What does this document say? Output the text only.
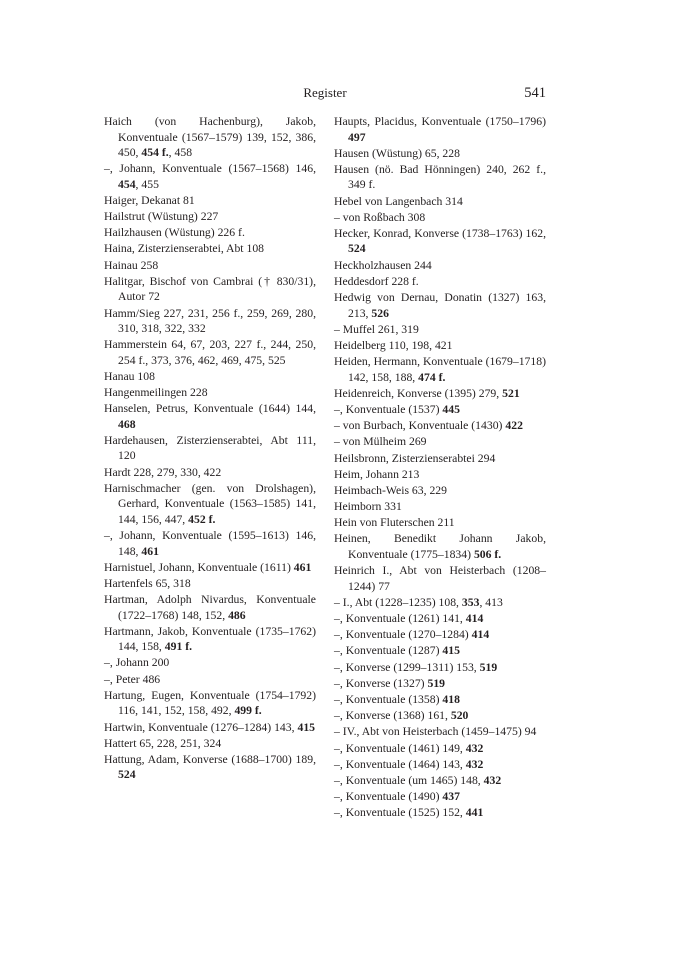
Register	541

Haich (von Hachenburg), Jakob, Konventuale (1567–1579) 139, 152, 386, 450, 454 f., 458

–, Johann, Konventuale (1567–1568) 146, 454, 455

Haiger, Dekanat 81

Hailstrut (Wüstung) 227

Hailzhausen (Wüstung) 226 f.

Haina, Zisterzienserabtei, Abt 108

Hainau 258

Halitgar, Bischof von Cambrai († 830/31), Autor 72

Hamm/Sieg 227, 231, 256 f., 259, 269, 280, 310, 318, 322, 332

Hammerstein 64, 67, 203, 227 f., 244, 250, 254 f., 373, 376, 462, 469, 475, 525

Hanau 108

Hangenmeilingen 228

Hanselen, Petrus, Konventuale (1644) 144, 468

Hardehausen, Zisterzienserabtei, Abt 111, 120

Hardt 228, 279, 330, 422

Harnischmacher (gen. von Drolshagen), Gerhard, Konventuale (1563–1585) 141, 144, 156, 447, 452 f.

–, Johann, Konventuale (1595–1613) 146, 148, 461

Harnistuel, Johann, Konventuale (1611) 461

Hartenfels 65, 318

Hartman, Adolph Nivardus, Konventuale (1722–1768) 148, 152, 486

Hartmann, Jakob, Konventuale (1735–1762) 144, 158, 491 f.

–, Johann 200

–, Peter 486

Hartung, Eugen, Konventuale (1754–1792) 116, 141, 152, 158, 492, 499 f.

Hartwin, Konventuale (1276–1284) 143, 415

Hattert 65, 228, 251, 324

Hattung, Adam, Konverse (1688–1700) 189, 524

Haupts, Placidus, Konventuale (1750–1796) 497

Hausen (Wüstung) 65, 228

Hausen (nö. Bad Hönningen) 240, 262 f., 349 f.

Hebel von Langenbach 314

– von Roßbach 308

Hecker, Konrad, Konverse (1738–1763) 162, 524

Heckholzhausen 244

Heddesdorf 228 f.

Hedwig von Dernau, Donatin (1327) 163, 213, 526

– Muffel 261, 319

Heidelberg 110, 198, 421

Heiden, Hermann, Konventuale (1679–1718) 142, 158, 188, 474 f.

Heidenreich, Konverse (1395) 279, 521

–, Konventuale (1537) 445

– von Burbach, Konventuale (1430) 422

– von Mülheim 269

Heilsbronn, Zisterzienserabtei 294

Heim, Johann 213

Heimbach-Weis 63, 229

Heimborn 331

Hein von Fluterschen 211

Heinen, Benedikt Johann Jakob, Konventuale (1775–1834) 506 f.

Heinrich I., Abt von Heisterbach (1208–1244) 77

– I., Abt (1228–1235) 108, 353, 413

–, Konventuale (1261) 141, 414

–, Konventuale (1270–1284) 414

–, Konventuale (1287) 415

–, Konverse (1299–1311) 153, 519

–, Konverse (1327) 519

–, Konventuale (1358) 418

–, Konverse (1368) 161, 520

– IV., Abt von Heisterbach (1459–1475) 94

–, Konventuale (1461) 149, 432

–, Konventuale (1464) 143, 432

–, Konventuale (um 1465) 148, 432

–, Konventuale (1490) 437

–, Konventuale (1525) 152, 441
